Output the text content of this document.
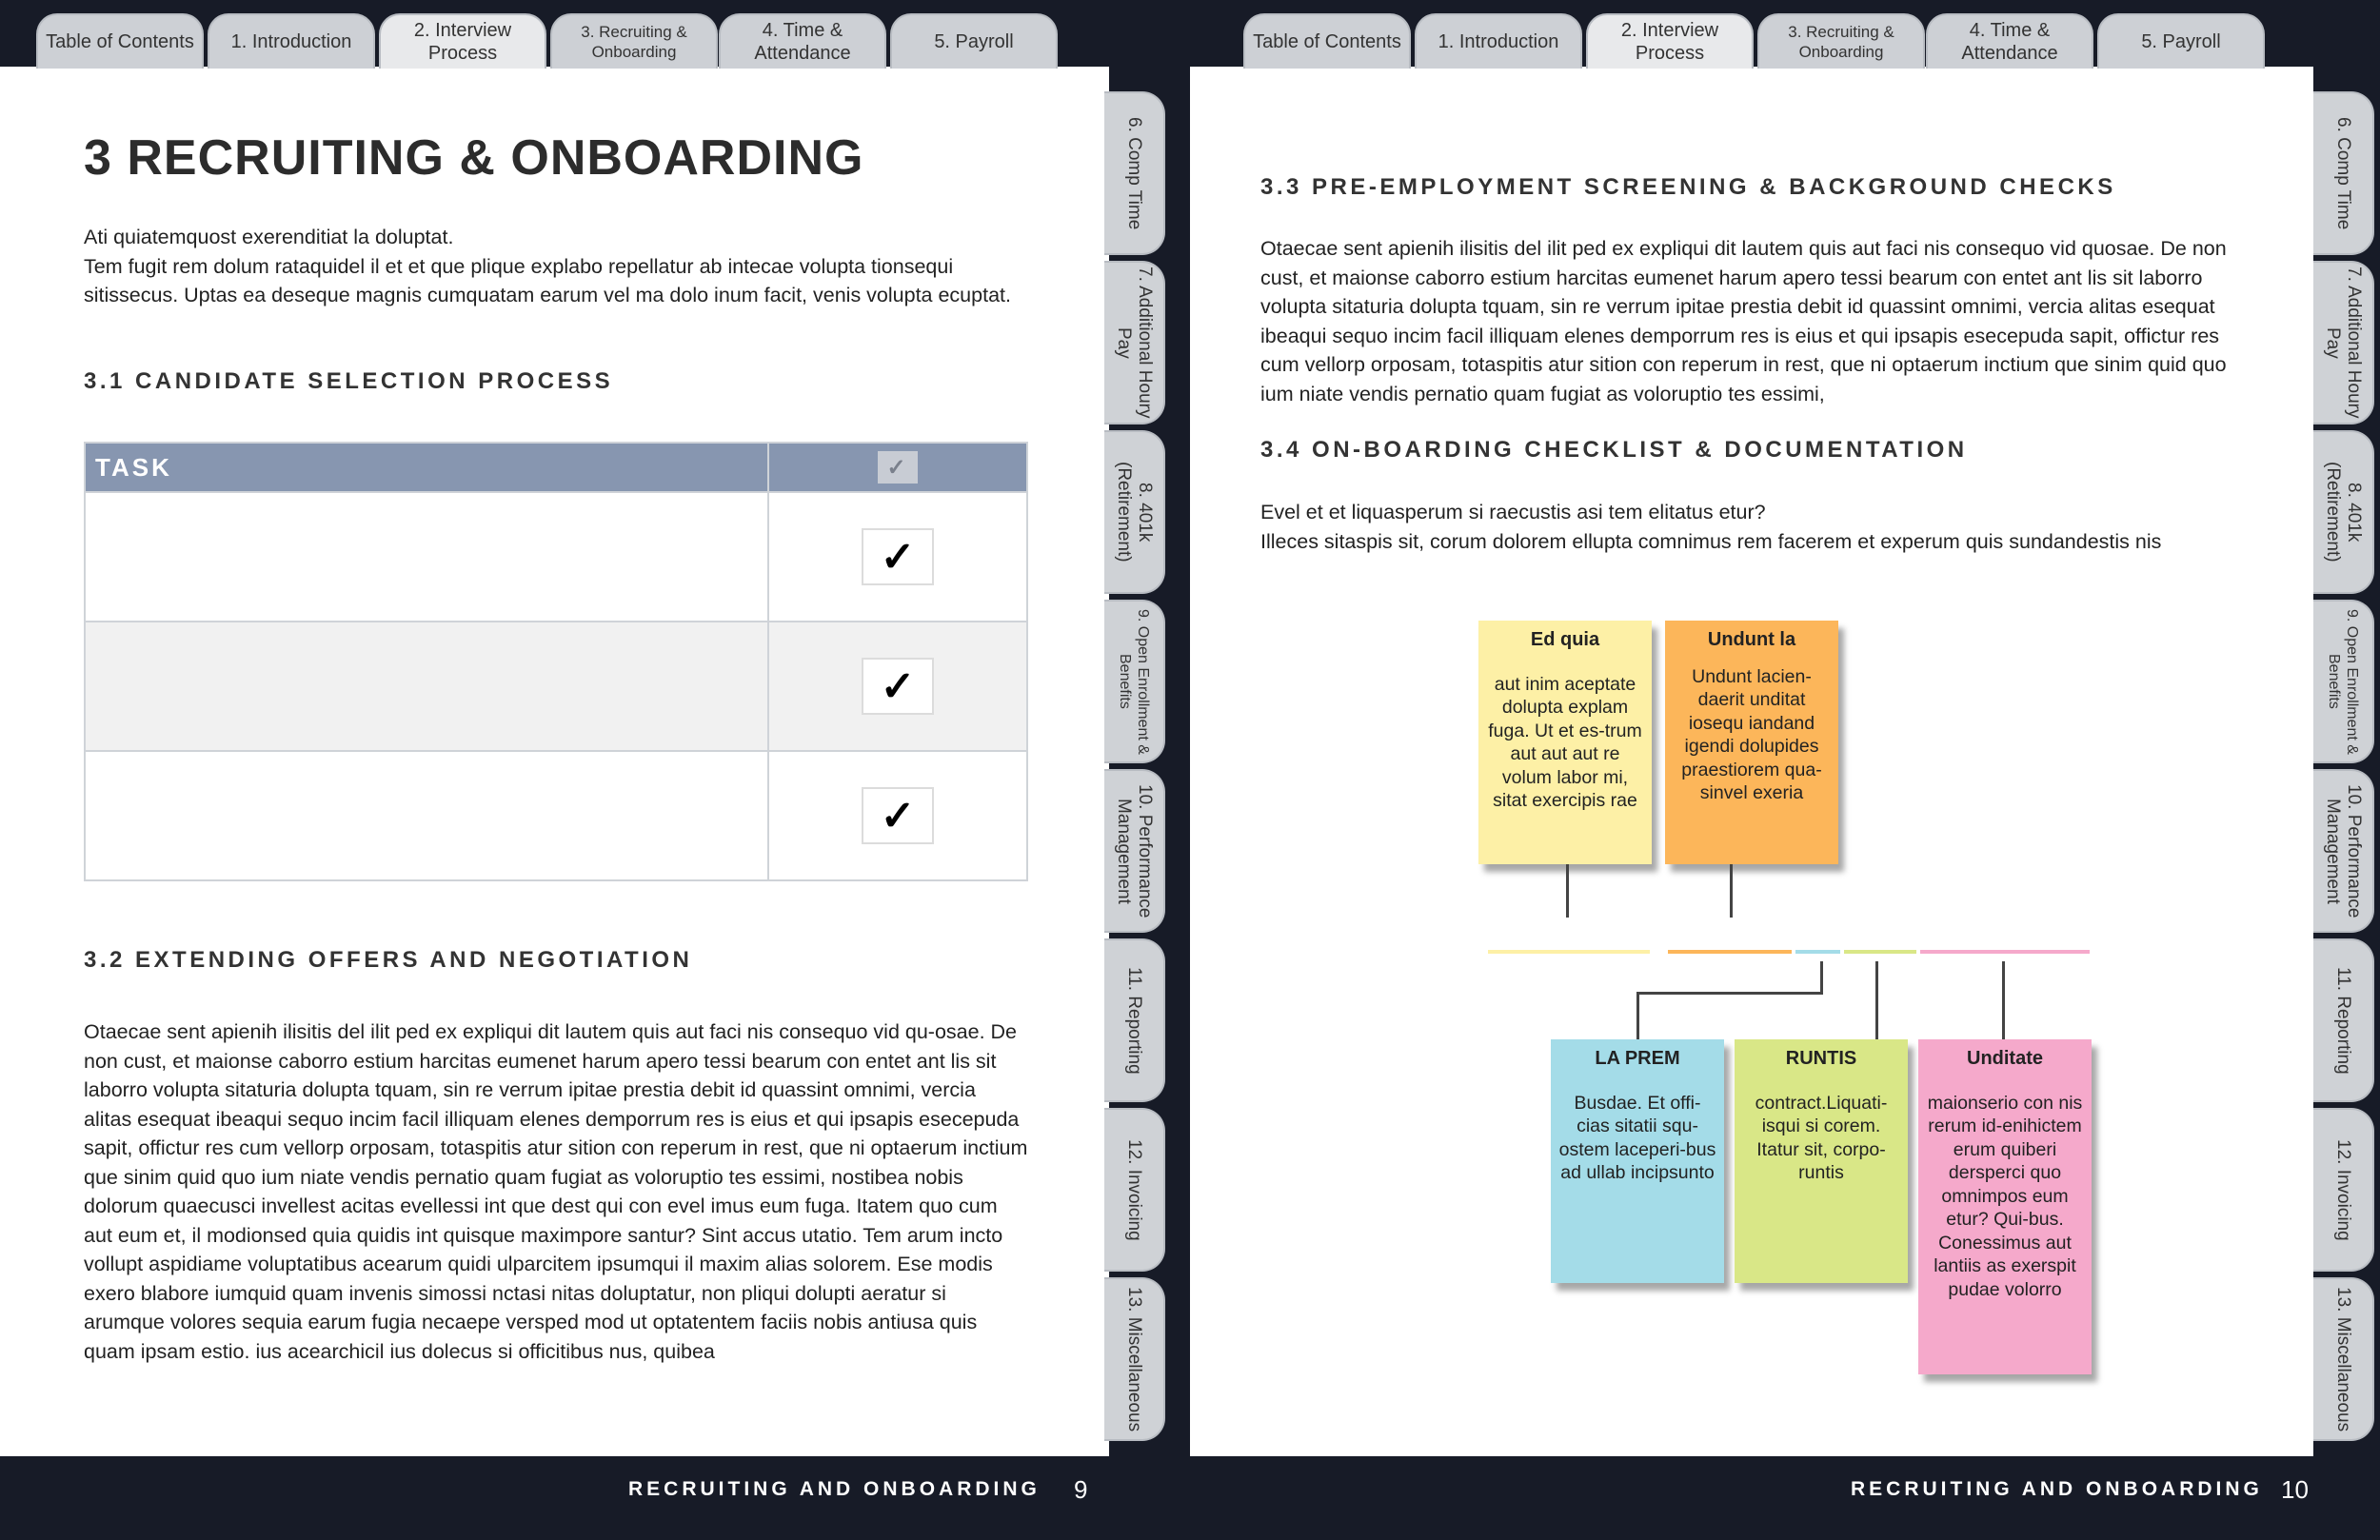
Table of Contents	1. Introduction
2. Interview Process
3. Recruiting & Onboarding
4. Time & Attendance
5. Payroll	Table of Contents	1. Introduction
2. Interview Process
3. Recruiting & Onboarding
4. Time & Attendance
5. Payroll
6. Comp Time
7. Additional Houry Pay
8. 401k (Retirement)
9. Open Enrollment & Benefits
10. Performance Management
11. Reporting
12. Invoicing
13. Miscellaneous
6. Comp Time
7. Additional Houry Pay
8. 401k (Retirement)
9. Open Enrollment & Benefits
10. Performance Management
11. Reporting
12. Invoicing
13. Miscellaneous
3 RECRUITING & ONBOARDING

Ati quiatemquost exerenditiat la doluptat.
Tem fugit rem dolum rataquidel il et et que plique explabo repellatur ab intecae volupta tionsequi sitissecus. Uptas ea deseque magnis cumquatam earum vel ma dolo inum facit, venis volupta ecuptat.

3.1 CANDIDATE SELECTION PROCESS
TASK	✓
	✓
	✓
	✓
3.2 EXTENDING OFFERS AND NEGOTIATION

Otaecae sent apienih ilisitis del ilit ped ex expliqui dit lautem quis aut faci nis consequo vid qu-osae. De non cust, et maionse caborro estium harcitas eumenet harum apero tessi bearum con entet ant lis sit laborro volupta sitaturia dolupta tquam, sin re verrum ipitae prestia debit id quassint omnimi, vercia alitas esequat ibeaqui sequo incim facil illiquam elenes demporrum res is eius et qui ipsapis esecepuda sapit, offictur res cum vellorp orposam, totaspitis atur sition con reperum in rest, que ni optaerum inctium que sinim quid quo ium niate vendis pernatio quam fugiat as voloruptio tes essimi, nostibea nobis dolorum quaecusci invellest acitas evellessi int que dest qui con evel imus eum fuga. Itatem quo cum aut eum et, il modionsed quia quidis int quisque maximpore santur? Sint accus utatio. Tem arum incto vollupt aspidiame voluptatibus acearum quidi ulparcitem ipsumqui il maxim alias solorem. Ese modis exero blabore iumquid quam invenis simossi nctasi nitas doluptatur, non pliqui dolupti aeratur si arumque volores sequia earum fugia necaepe versped mod ut optatentem faciis nobis antiusa quis quam ipsam estio. ius acearchicil ius dolecus si officitibus nus, quibea

RECRUITING AND ONBOARDING 9
3.3 PRE-EMPLOYMENT SCREENING & BACKGROUND CHECKS

Otaecae sent apienih ilisitis del ilit ped ex expliqui dit lautem quis aut faci nis consequo vid quosae. De non cust, et maionse caborro estium harcitas eumenet harum apero tessi bearum con entet ant lis sit laborro volupta sitaturia dolupta tquam, sin re verrum ipitae prestia debit id quassint omnimi, vercia alitas esequat ibeaqui sequo incim facil illiquam elenes demporrum res is eius et qui ipsapis esecepuda sapit, offictur res cum vellorp orposam, totaspitis atur sition con reperum in rest, que ni optaerum inctium que sinim quid quo ium niate vendis pernatio quam fugiat as voloruptio tes essimi,

3.4 ON-BOARDING CHECKLIST & DOCUMENTATION

Evel et et liquasperum si raecustis asi tem elitatus etur?
Illeces sitaspis sit, corum dolorem ellupta comnimus rem facerem et experum quis sundandestis nis

Ed quia
aut inim aceptate dolupta explam fuga. Ut et es-trum aut aut aut re volum labor mi, sitat exercipis rae
Undunt la
Undunt lacien-daerit unditat iosequ iandand igendi dolupides praestiorem qua-sinvel exeria
LA PREM
Busdae. Et offi-cias sitatii squ-ostem laceperi-bus ad ullab incipsunto
RUNTIS
contract.Liquati-isqui si corem. Itatur sit, corpo-runtis
Unditate
maionserio con nis rerum id-enihictem erum quiberi dersperci quo omnimpos eum etur? Qui-bus. Conessimus aut lantiis as exerspit pudae volorro
RECRUITING AND ONBOARDING 10
